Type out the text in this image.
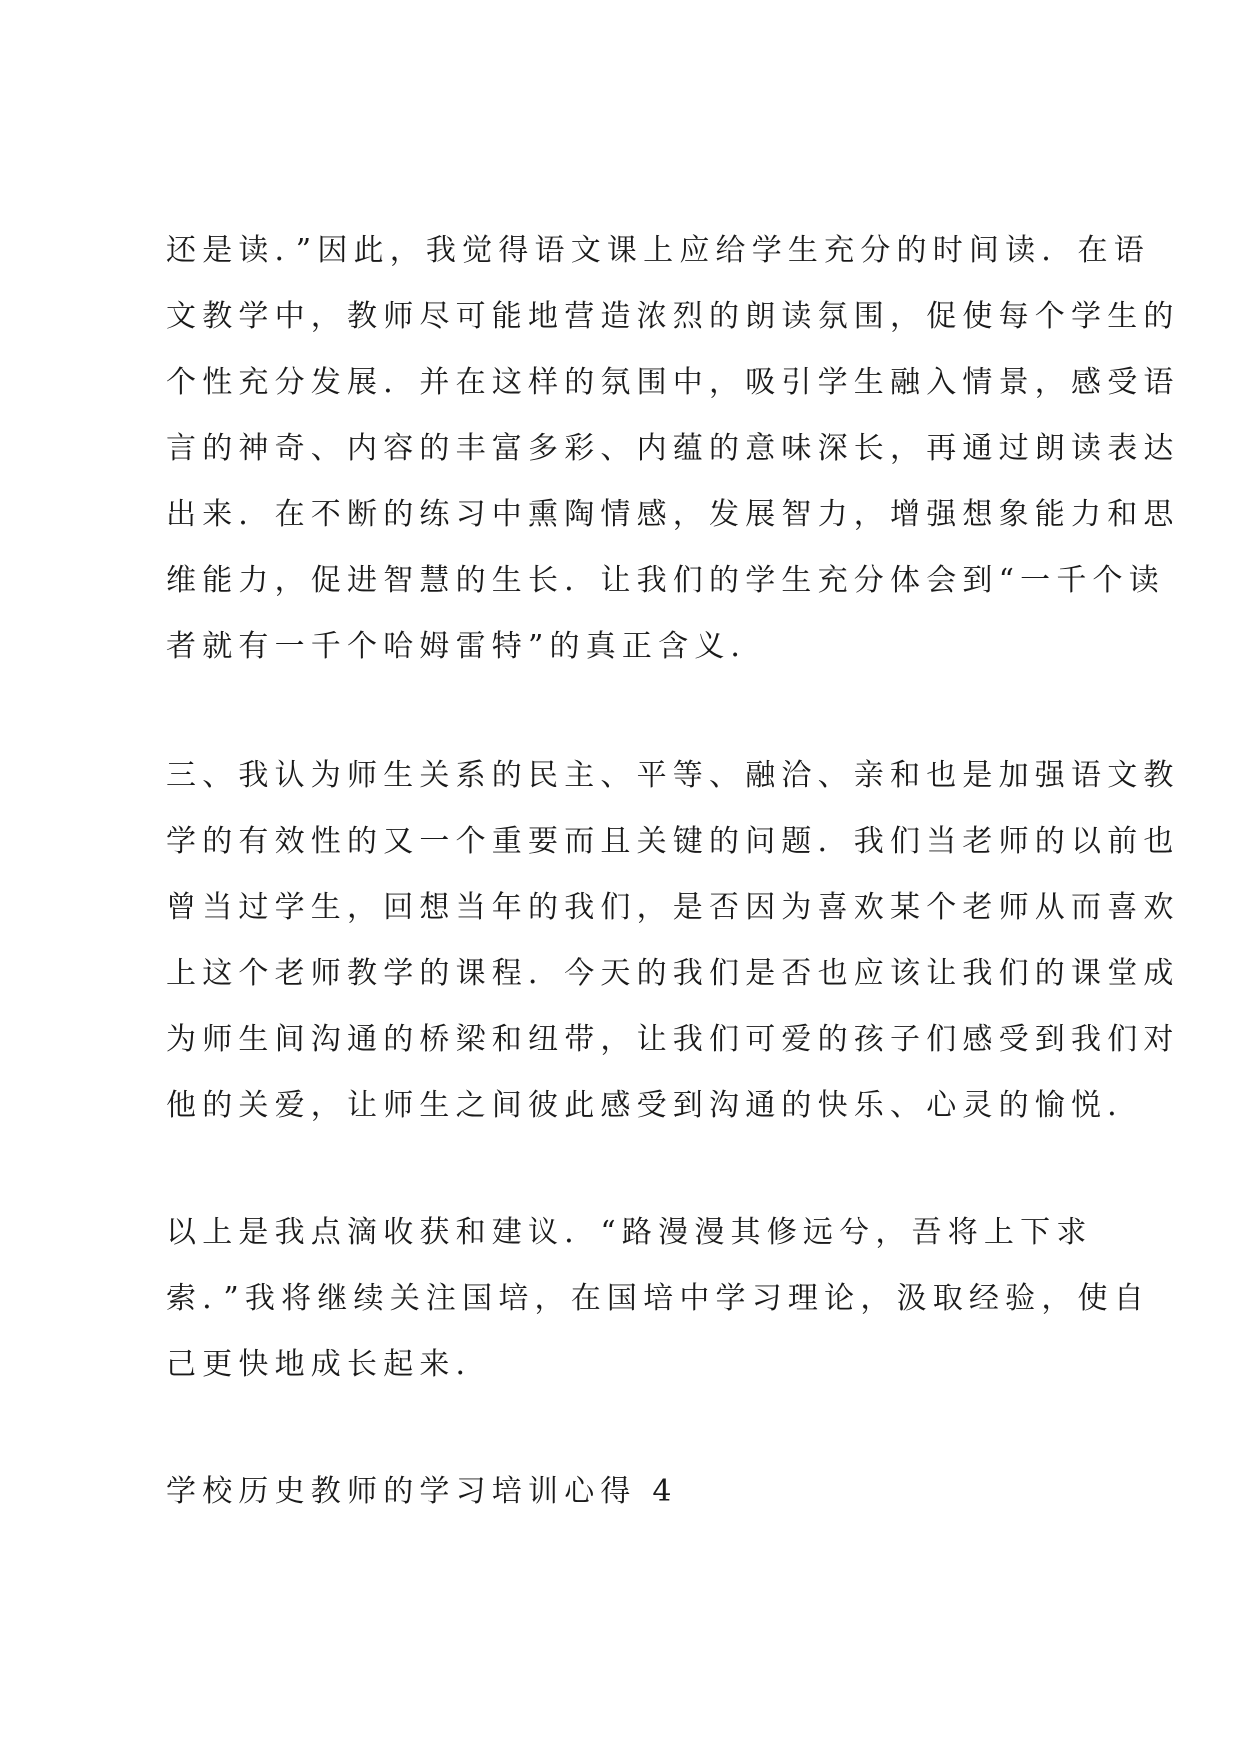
还是读．”因此，我觉得语文课上应给学生充分的时间读．在语
文教学中，教师尽可能地营造浓烈的朗读氛围，促使每个学生的
个性充分发展．并在这样的氛围中，吸引学生融入情景，感受语
言的神奇、内容的丰富多彩、内蕴的意味深长，再通过朗读表达
出来．在不断的练习中熏陶情感，发展智力，增强想象能力和思
维能力，促进智慧的生长．让我们的学生充分体会到“一千个读
者就有一千个哈姆雷特”的真正含义．
三、我认为师生关系的民主、平等、融洽、亲和也是加强语文教
学的有效性的又一个重要而且关键的问题．我们当老师的以前也
曾当过学生，回想当年的我们，是否因为喜欢某个老师从而喜欢
上这个老师教学的课程．今天的我们是否也应该让我们的课堂成
为师生间沟通的桥梁和纽带，让我们可爱的孩子们感受到我们对
他的关爱，让师生之间彼此感受到沟通的快乐、心灵的愉悦．
以上是我点滴收获和建议．“路漫漫其修远兮，吾将上下求
索．”我将继续关注国培，在国培中学习理论，汲取经验，使自
己更快地成长起来．
学校历史教师的学习培训心得 4
